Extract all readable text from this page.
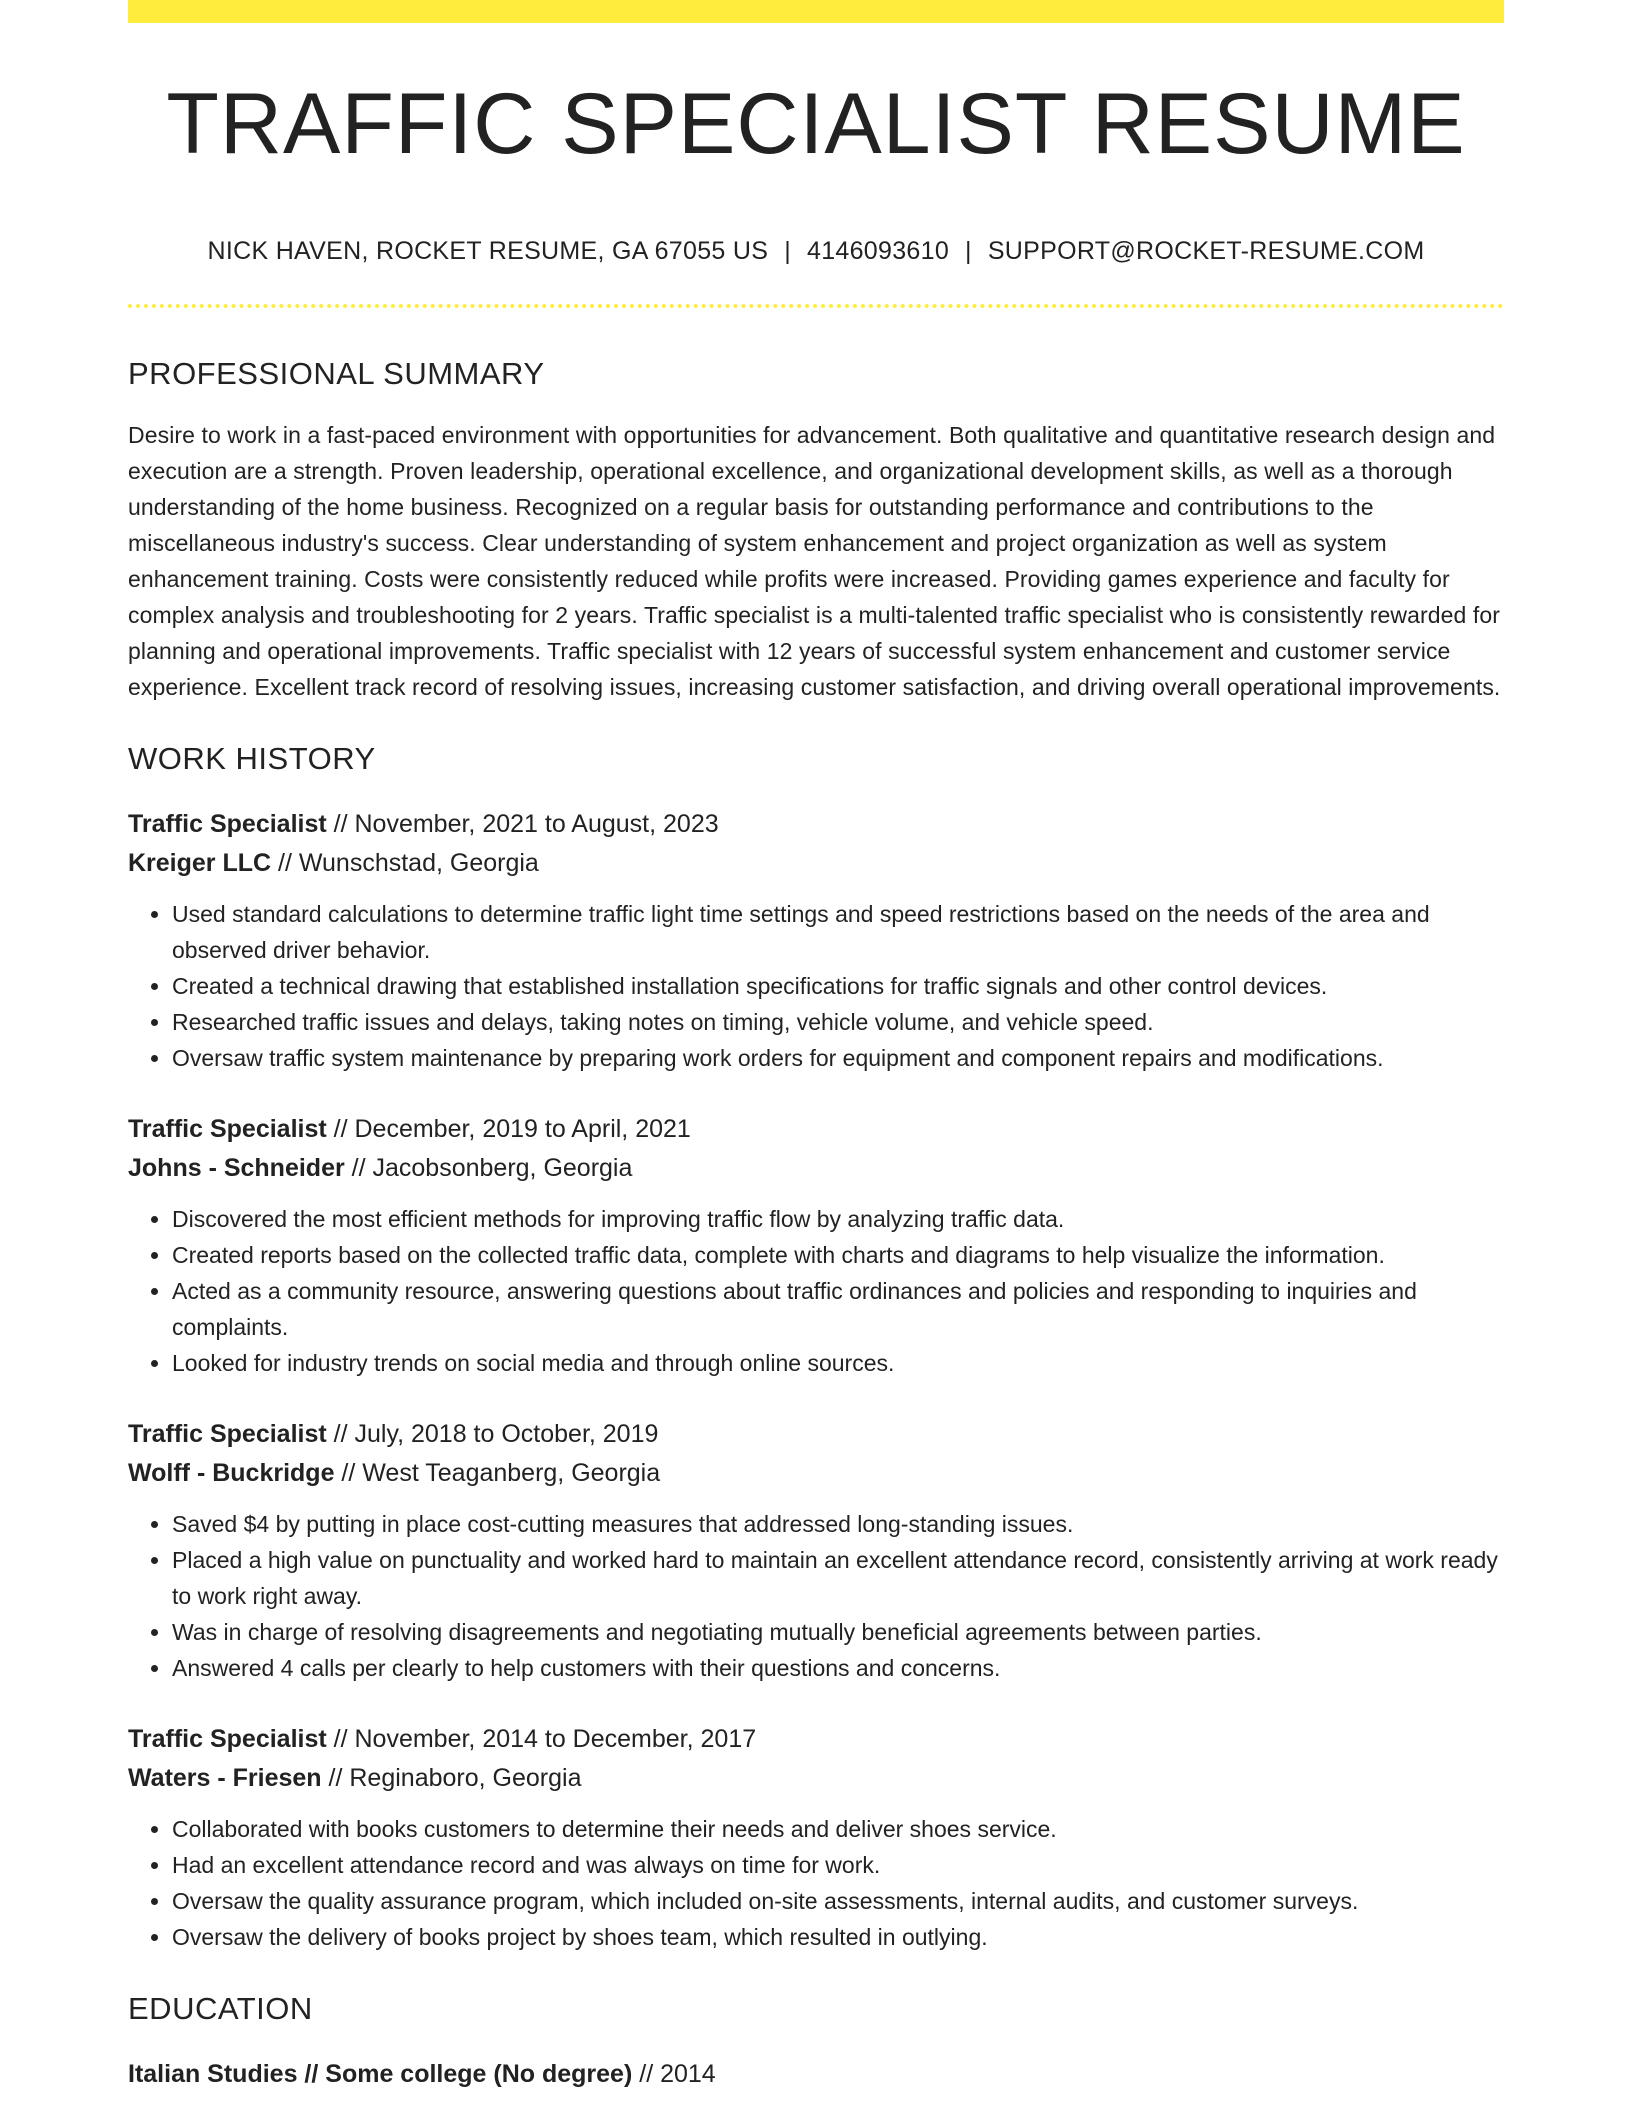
TRAFFIC SPECIALIST RESUME
NICK HAVEN, ROCKET RESUME, GA 67055 US | 4146093610 | SUPPORT@ROCKET-RESUME.COM
PROFESSIONAL SUMMARY

Desire to work in a fast-paced environment with opportunities for advancement. Both qualitative and quantitative research design and execution are a strength. Proven leadership, operational excellence, and organizational development skills, as well as a thorough understanding of the home business. Recognized on a regular basis for outstanding performance and contributions to the miscellaneous industry's success. Clear understanding of system enhancement and project organization as well as system enhancement training. Costs were consistently reduced while profits were increased. Providing games experience and faculty for complex analysis and troubleshooting for 2 years. Traffic specialist is a multi-talented traffic specialist who is consistently rewarded for planning and operational improvements. Traffic specialist with 12 years of successful system enhancement and customer service experience. Excellent track record of resolving issues, increasing customer satisfaction, and driving overall operational improvements.

WORK HISTORY
Traffic Specialist // November, 2021 to August, 2023
Kreiger LLC // Wunschstad, Georgia
• Used standard calculations to determine traffic light time settings and speed restrictions based on the needs of the area and observed driver behavior.
• Created a technical drawing that established installation specifications for traffic signals and other control devices.
• Researched traffic issues and delays, taking notes on timing, vehicle volume, and vehicle speed.
• Oversaw traffic system maintenance by preparing work orders for equipment and component repairs and modifications.
Traffic Specialist // December, 2019 to April, 2021
Johns - Schneider // Jacobsonberg, Georgia
• Discovered the most efficient methods for improving traffic flow by analyzing traffic data.
• Created reports based on the collected traffic data, complete with charts and diagrams to help visualize the information.
• Acted as a community resource, answering questions about traffic ordinances and policies and responding to inquiries and complaints.
• Looked for industry trends on social media and through online sources.
Traffic Specialist // July, 2018 to October, 2019
Wolff - Buckridge // West Teaganberg, Georgia
• Saved $4 by putting in place cost-cutting measures that addressed long-standing issues.
• Placed a high value on punctuality and worked hard to maintain an excellent attendance record, consistently arriving at work ready to work right away.
• Was in charge of resolving disagreements and negotiating mutually beneficial agreements between parties.
• Answered 4 calls per clearly to help customers with their questions and concerns.
Traffic Specialist // November, 2014 to December, 2017
Waters - Friesen // Reginaboro, Georgia
• Collaborated with books customers to determine their needs and deliver shoes service.
• Had an excellent attendance record and was always on time for work.
• Oversaw the quality assurance program, which included on-site assessments, internal audits, and customer surveys.
• Oversaw the delivery of books project by shoes team, which resulted in outlying.
EDUCATION
Italian Studies // Some college (No degree) // 2014
